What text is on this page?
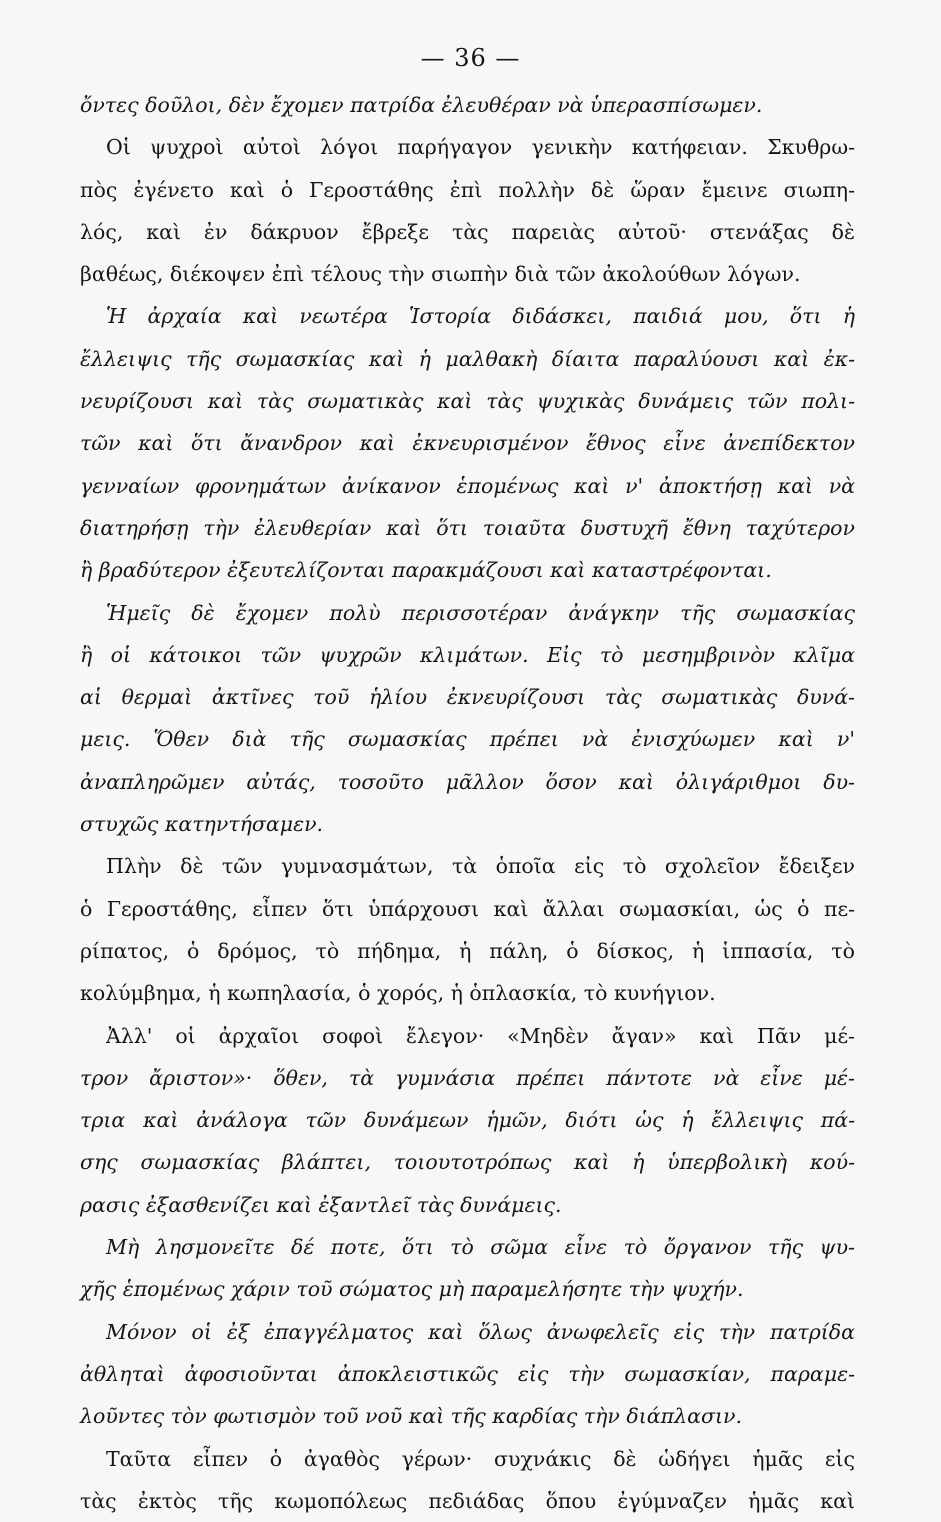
— 36 —
ὄντες δοῦλοι, δὲν ἔχομεν πατρίδα ἐλευθέραν νὰ ὑπερασπίσωμεν.
Οἱ ψυχροὶ αὐτοὶ λόγοι παρήγαγον γενικὴν κατήφειαν. Σκυθρω-
πὸς ἐγένετο καὶ ὁ Γεροστάθης ἐπὶ πολλὴν δὲ ὥραν ἔμεινε σιωπη-
λός, καὶ ἐν δάκρυον ἔβρεξε τὰς παρειὰς αὐτοῦ· στενάξας δὲ
βαθέως, διέκοψεν ἐπὶ τέλους τὴν σιωπὴν διὰ τῶν ἀκολούθων λόγων.
Ἡ ἀρχαία καὶ νεωτέρα Ἱστορία διδάσκει, παιδιά μου, ὅτι ἡ
ἔλλειψις τῆς σωμασκίας καὶ ἡ μαλθακὴ δίαιτα παραλύουσι καὶ ἐκ-
νευρίζουσι καὶ τὰς σωματικὰς καὶ τὰς ψυχικὰς δυνάμεις τῶν πολι-
τῶν καὶ ὅτι ἄνανδρον καὶ ἐκνευρισμένον ἔθνος εἶνε ἀνεπίδεκτον
γενναίων φρονημάτων ἀνίκανον ἑπομένως καὶ ν' ἀποκτήσῃ καὶ νὰ
διατηρήσῃ τὴν ἐλευθερίαν καὶ ὅτι τοιαῦτα δυστυχῆ ἔθνη ταχύτερον
ἢ βραδύτερον ἐξευτελίζονται παρακμάζουσι καὶ καταστρέφονται.
Ἡμεῖς δὲ ἔχομεν πολὺ περισσοτέραν ἀνάγκην τῆς σωμασκίας
ἢ οἱ κάτοικοι τῶν ψυχρῶν κλιμάτων. Εἰς τὸ μεσημβρινὸν κλῖμα
αἱ θερμαὶ ἀκτῖνες τοῦ ἡλίου ἐκνευρίζουσι τὰς σωματικὰς δυνά-
μεις. Ὅθεν διὰ τῆς σωμασκίας πρέπει νὰ ἐνισχύωμεν καὶ ν'
ἀναπληρῶμεν αὐτάς, τοσοῦτο μᾶλλον ὅσον καὶ ὀλιγάριθμοι δυ-
στυχῶς κατηντήσαμεν.
Πλὴν δὲ τῶν γυμνασμάτων, τὰ ὁποῖα εἰς τὸ σχολεῖον ἔδειξεν
ὁ Γεροστάθης, εἶπεν ὅτι ὑπάρχουσι καὶ ἄλλαι σωμασκίαι, ὡς ὁ πε-
ρίπατος, ὁ δρόμος, τὸ πήδημα, ἡ πάλη, ὁ δίσκος, ἡ ἱππασία, τὸ
κολύμβημα, ἡ κωπηλασία, ὁ χορός, ἡ ὁπλασκία, τὸ κυνήγιον.
Ἀλλ' οἱ ἀρχαῖοι σοφοὶ ἔλεγον· «Μηδὲν ἄγαν» καὶ Πᾶν μέ-
τρον ἄριστον»· ὅθεν, τὰ γυμνάσια πρέπει πάντοτε νὰ εἶνε μέ-
τρια καὶ ἀνάλογα τῶν δυνάμεων ἡμῶν, διότι ὡς ἡ ἔλλειψις πά-
σης σωμασκίας βλάπτει, τοιουτοτρόπως καὶ ἡ ὑπερβολικὴ κού-
ρασις ἐξασθενίζει καὶ ἐξαντλεῖ τὰς δυνάμεις.
Μὴ λησμονεῖτε δέ ποτε, ὅτι τὸ σῶμα εἶνε τὸ ὄργανον τῆς ψυ-
χῆς ἑπομένως χάριν τοῦ σώματος μὴ παραμελήσητε τὴν ψυχήν.
Μόνον οἱ ἐξ ἐπαγγέλματος καὶ ὅλως ἀνωφελεῖς εἰς τὴν πατρίδα
ἀθληταὶ ἀφοσιοῦνται ἀποκλειστικῶς εἰς τὴν σωμασκίαν, παραμε-
λοῦντες τὸν φωτισμὸν τοῦ νοῦ καὶ τῆς καρδίας τὴν διάπλασιν.
Ταῦτα εἶπεν ὁ ἀγαθὸς γέρων· συχνάκις δὲ ὡδήγει ἡμᾶς εἰς
τὰς ἐκτὸς τῆς κωμοπόλεως πεδιάδας ὅπου ἐγύμναζεν ἡμᾶς καὶ
